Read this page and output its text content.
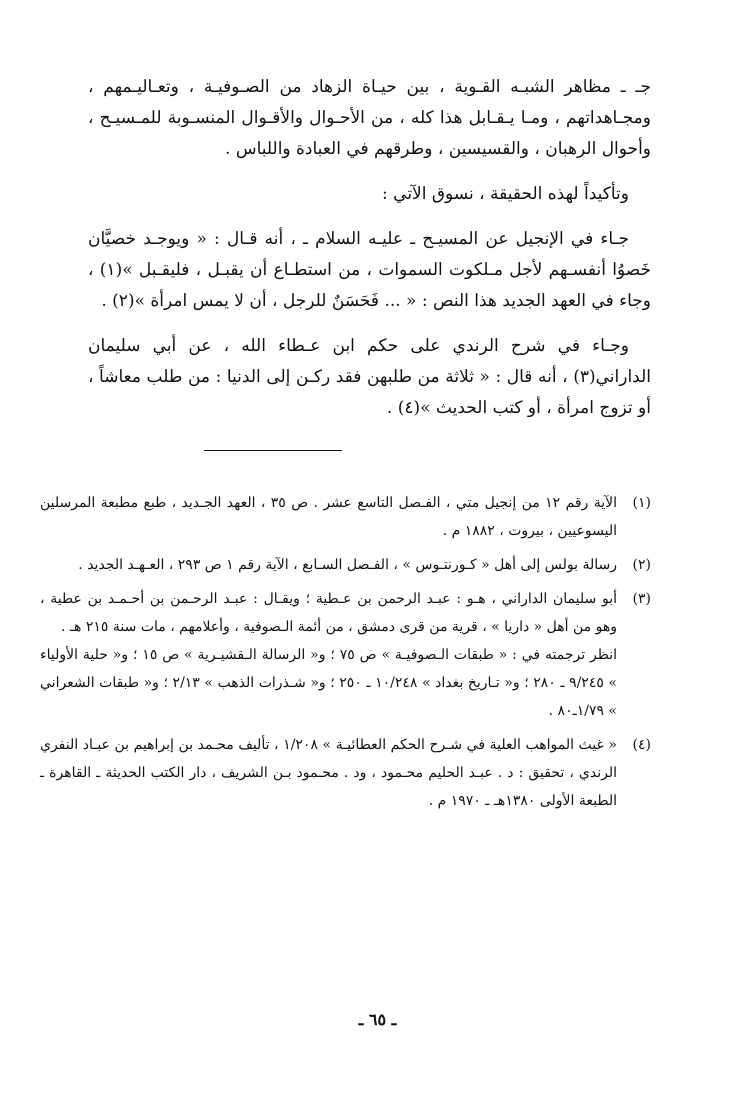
جـ ـ مظاهر الشبـه القـوية ، بين حيـاة الزهاد من الصـوفيـة ، وتعـاليـمهم ، ومجـاهداتهم ، ومـا يـقـابل هذا كله ، من الأحـوال والأقـوال المنسـوبة للمـسيـح ، وأحوال الرهبان ، والقسيسين ، وطرقهم في العبادة واللباس .

وتأكيداً لهذه الحقيقة ، نسوق الآتي :

جـاء في الإنجيل عن المسيـح ـ عليـه السلام ـ ، أنه قـال : « ويوجـد خصيَّان خَصوُا أنفسـهم لأجل مـلكوت السموات ، من استطـاع أن يقبـل ، فليقـبل »(١) ، وجاء في العهد الجديد هذا النص : « ... فَحَسَنٌ للرجل ، أن لا يمس امرأة »(٢) .

وجـاء في شرح الرندي على حكم ابن عـطاء الله ، عن أبي سليمان الداراني(٣) ، أنه قال : « ثلاثة من طلبهن فقد ركـن إلى الدنيا : من طلب معاشاً ، أو تزوج امرأة ، أو كتب الحديث »(٤) .

(١)

الآية رقم ١٢ من إنجيل متي ، الفـصل التاسع عشر . ص ٣٥ ، العهد الجـديد ، طبع مطبعة المرسلين اليسوعيين ، بيروت ، ١٨٨٢ م .

(٢)

رسالة بولس إلى أهل « كـورنتـوس » ، الفـصل السـابع ، الآية رقم ١ ص ٢٩٣ ، العـهـد الجديد .

(٣)

أبو سليمان الداراني ، هـو : عبـد الرحمن بن عـطية ؛ ويقـال : عبـد الرحـمن بن أحـمـد بن عطية ، وهو من أهل « داريا » ، قرية من قرى دمشق ، من أئمة الـصوفية ، وأعلامهم ، مات سنة ٢١٥ هـ .

انظر ترجمته في : « طبقات الـصوفيـة » ص ٧٥ ؛ و« الرسالة الـقشيـرية » ص ١٥ ؛ و« حلية الأولياء » ٩/٢٤٥ ـ ٢٨٠ ؛ و« تـاريخ بغداد » ١٠/٢٤٨ ـ ٢٥٠ ؛ و« شـذرات الذهب » ٢/١٣ ؛ و« طبقات الشعراني » ١/٧٩ـ٨٠ .

(٤)

« غيث المواهب العلية في شـرح الحكم العطائيـة » ١/٢٠٨ ، تأليف محـمد بن إبراهيم بن عبـاد النفري الرندي ، تحقيق : د . عبـد الحليم محـمود ، ود . محـمود بـن الشريف ، دار الكتب الحديثة ـ القاهرة ـ الطبعة الأولى ١٣٨٠هـ ـ ١٩٧٠ م .

ـ ٦٥ ـ
